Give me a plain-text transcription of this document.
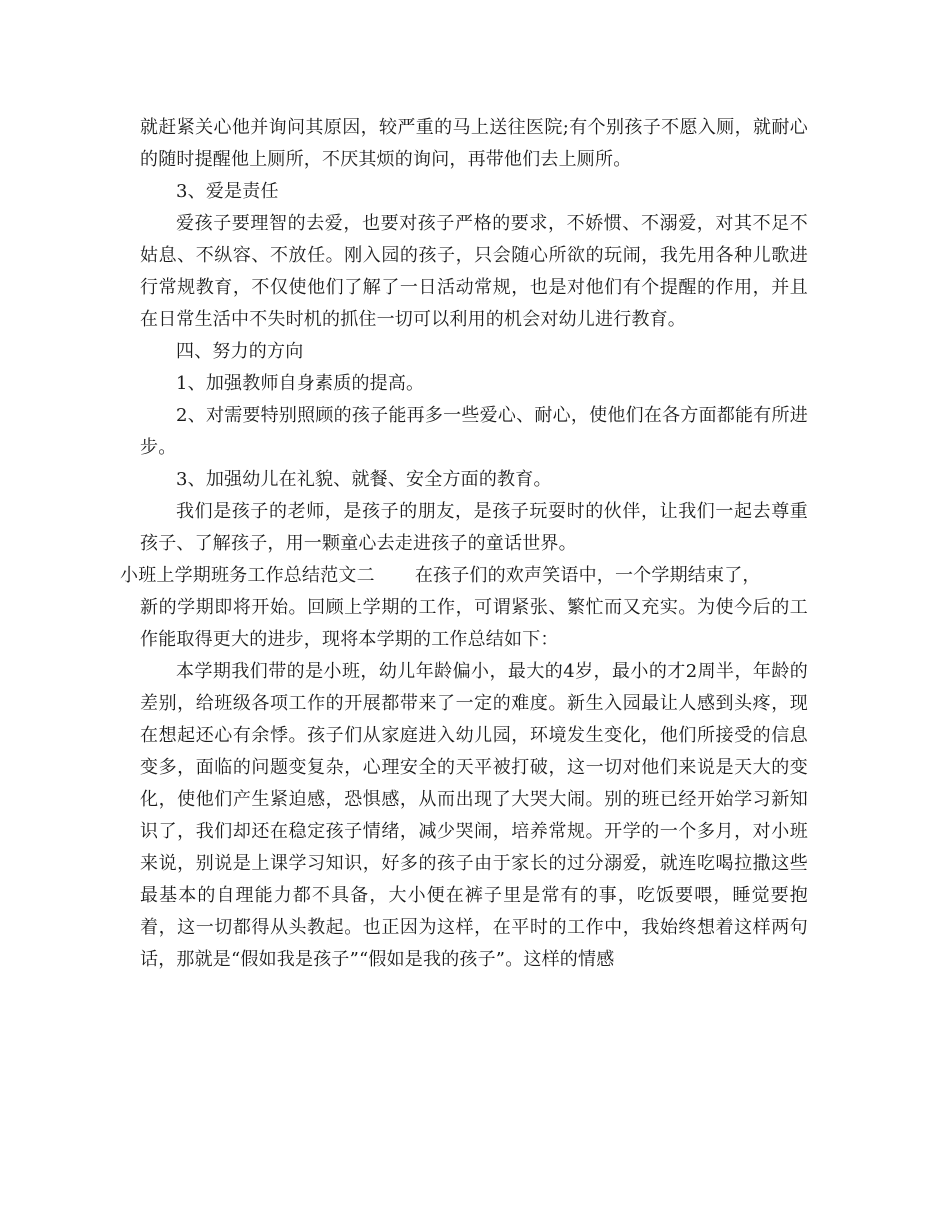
就赶紧关心他并询问其原因，较严重的马上送往医院;有个别孩子不愿入厕，就耐心的随时提醒他上厕所，不厌其烦的询问，再带他们去上厕所。

3、爱是责任

爱孩子要理智的去爱，也要对孩子严格的要求，不娇惯、不溺爱，对其不足不姑息、不纵容、不放任。刚入园的孩子，只会随心所欲的玩闹，我先用各种儿歌进行常规教育，不仅使他们了解了一日活动常规，也是对他们有个提醒的作用，并且在日常生活中不失时机的抓住一切可以利用的机会对幼儿进行教育。

四、努力的方向

1、加强教师自身素质的提高。

2、对需要特别照顾的孩子能再多一些爱心、耐心，使他们在各方面都能有所进步。

3、加强幼儿在礼貌、就餐、安全方面的教育。

我们是孩子的老师，是孩子的朋友，是孩子玩耍时的伙伴，让我们一起去尊重孩子、了解孩子，用一颗童心去走进孩子的童话世界。

小班上学期班务工作总结范文二 在孩子们的欢声笑语中，一个学期结束了，

新的学期即将开始。回顾上学期的工作，可谓紧张、繁忙而又充实。为使今后的工作能取得更大的进步，现将本学期的工作总结如下：

本学期我们带的是小班，幼儿年龄偏小，最大的4岁，最小的才2周半，年龄的差别，给班级各项工作的开展都带来了一定的难度。新生入园最让人感到头疼，现在想起还心有余悸。孩子们从家庭进入幼儿园，环境发生变化，他们所接受的信息变多，面临的问题变复杂，心理安全的天平被打破，这一切对他们来说是天大的变化，使他们产生紧迫感，恐惧感，从而出现了大哭大闹。别的班已经开始学习新知识了，我们却还在稳定孩子情绪，减少哭闹，培养常规。开学的一个多月，对小班来说，别说是上课学习知识，好多的孩子由于家长的过分溺爱，就连吃喝拉撒这些最基本的自理能力都不具备，大小便在裤子里是常有的事，吃饭要喂，睡觉要抱着，这一切都得从头教起。也正因为这样，在平时的工作中，我始终想着这样两句话，那就是“假如我是孩子”“假如是我的孩子”。这样的情感
